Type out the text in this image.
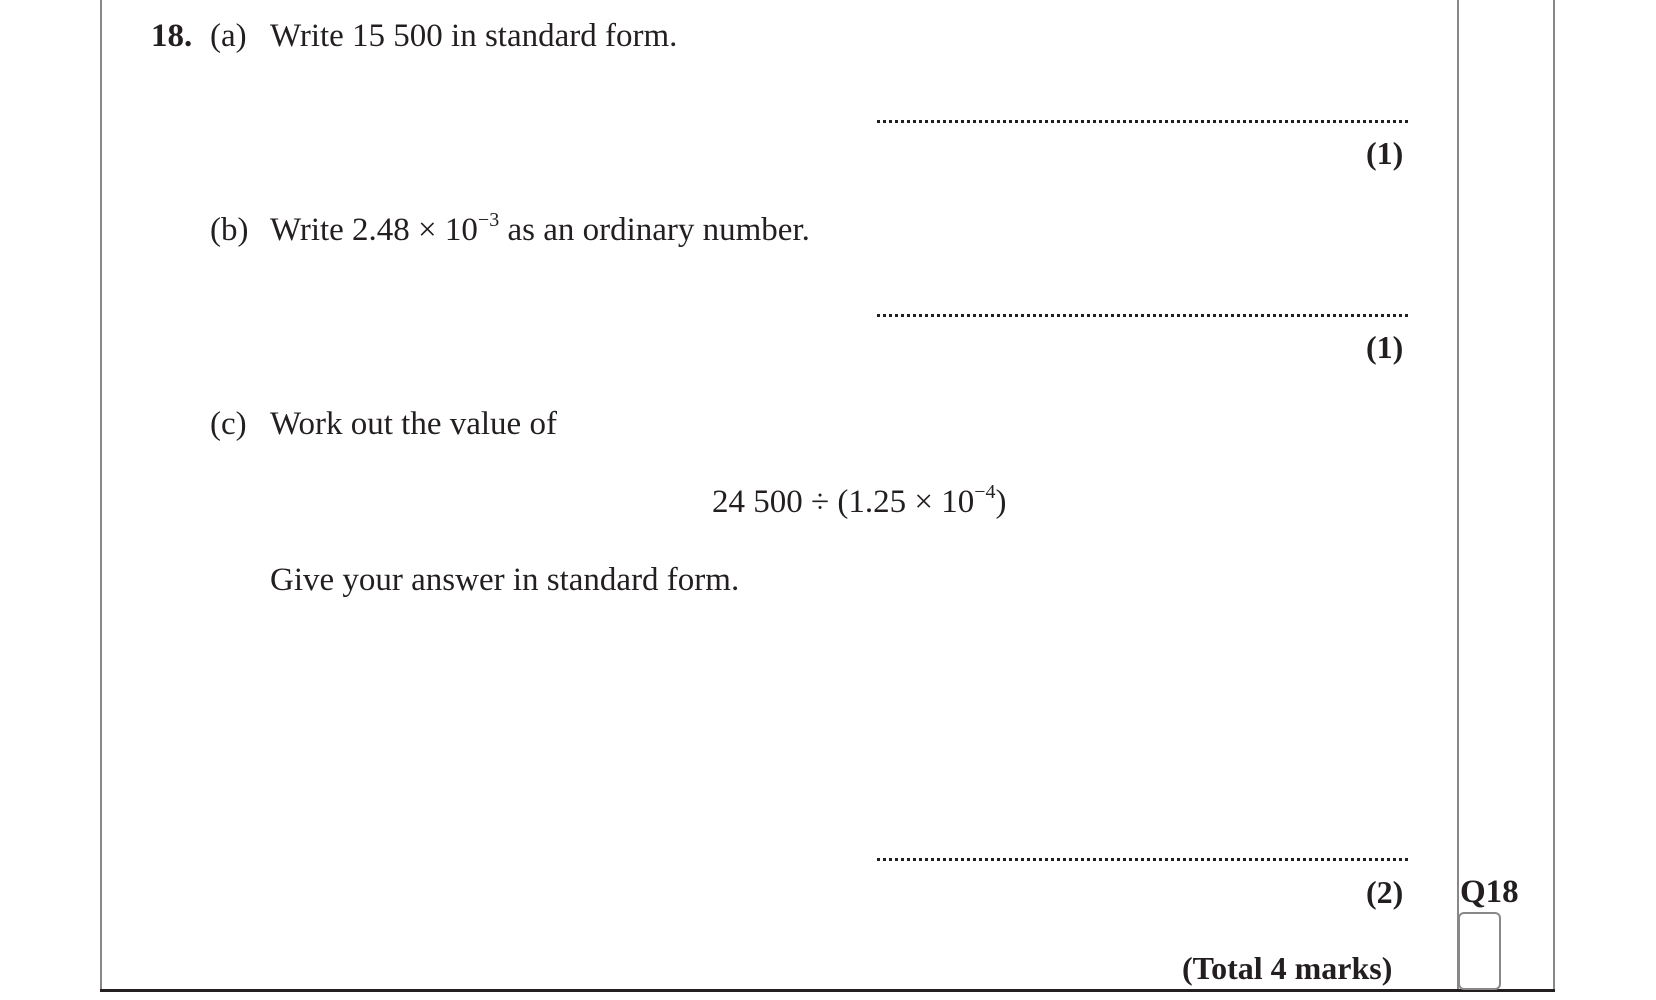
18. (a) Write 15 500 in standard form.
(1)
(b) Write $2.48 \times 10^{-3}$ as an ordinary number.
(1)
(c) Work out the value of
24 $500 \div (1.25 \times 10^{-4})$
Give your answer in standard form.
(2)
(Total 4 marks)
Q18
